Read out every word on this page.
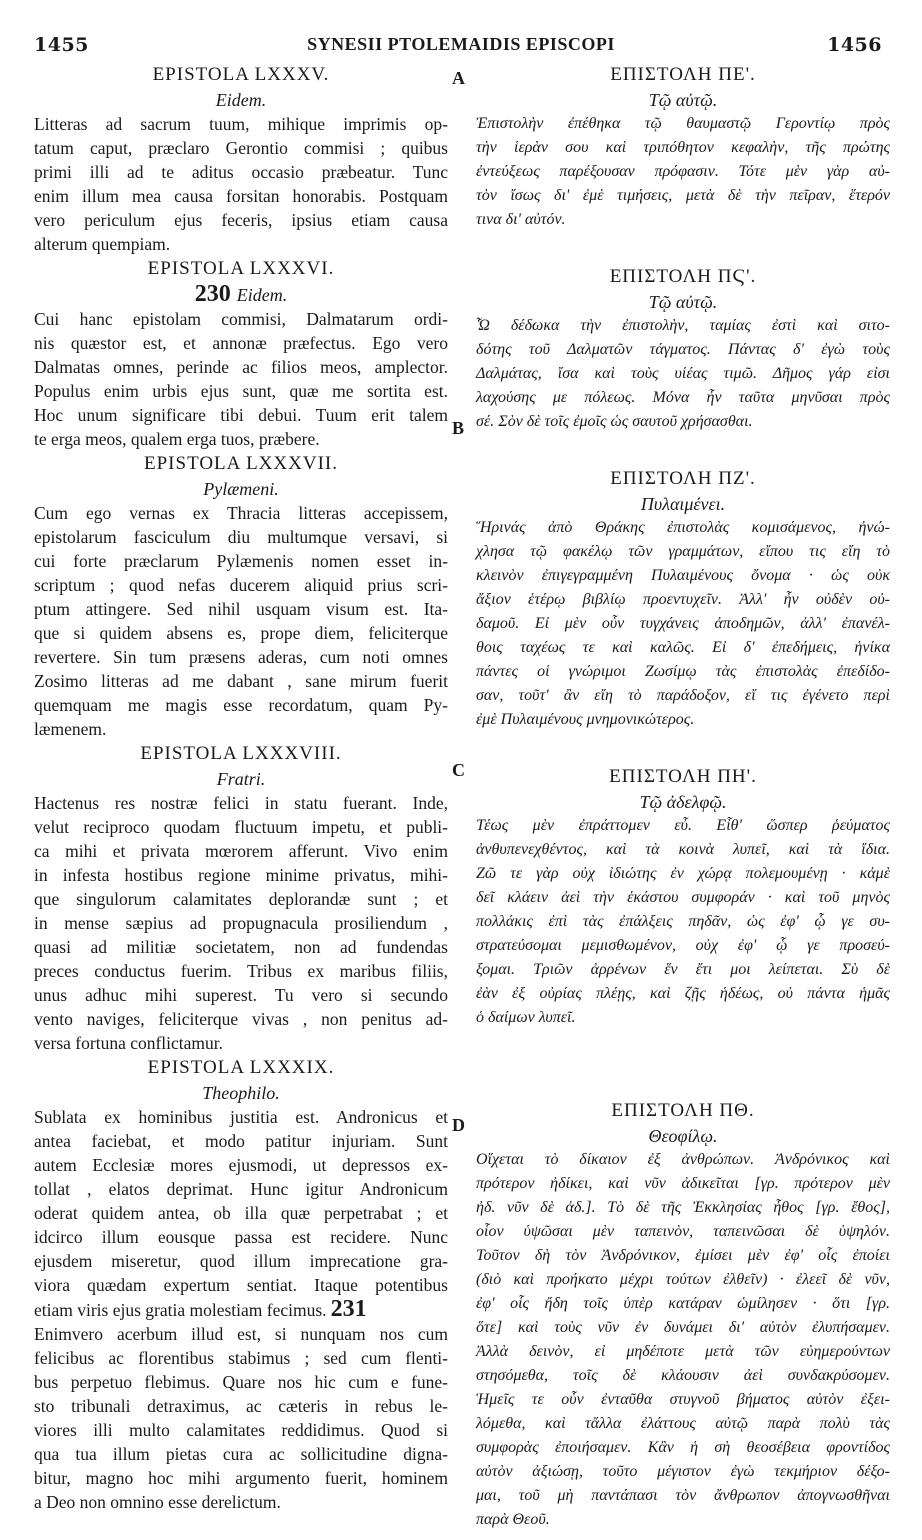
1455	SYNESII PTOLEMAIDIS EPISCOPI	1456
A
B
C
D
EPISTOLA LXXXV.
Eidem.
Litteras ad sacrum tuum, mihique imprimis op-
tatum caput, præclaro Gerontio commisi ; quibus
primi illi ad te aditus occasio præbeatur. Tunc
enim illum mea causa forsitan honorabis. Postquam
vero periculum ejus feceris, ipsius etiam causa
alterum quempiam.
EPISTOLA LXXXVI.
230 Eidem.
Cui hanc epistolam commisi, Dalmatarum ordi-
nis quæstor est, et annonæ præfectus. Ego vero
Dalmatas omnes, perinde ac filios meos, amplector.
Populus enim urbis ejus sunt, quæ me sortita est.
Hoc unum significare tibi debui. Tuum erit talem
te erga meos, qualem erga tuos, præbere.
EPISTOLA LXXXVII.
Pylæmeni.
Cum ego vernas ex Thracia litteras accepissem,
epistolarum fasciculum diu multumque versavi, si
cui forte præclarum Pylæmenis nomen esset in-
scriptum ; quod nefas ducerem aliquid prius scri-
ptum attingere. Sed nihil usquam visum est. Ita-
que si quidem absens es, prope diem, feliciterque
revertere. Sin tum præsens aderas, cum noti omnes
Zosimo litteras ad me dabant , sane mirum fuerit
quemquam me magis esse recordatum, quam Py-
læmenem.
EPISTOLA LXXXVIII.
Fratri.
Hactenus res nostræ felici in statu fuerant. Inde,
velut reciproco quodam fluctuum impetu, et publi-
ca mihi et privata mœrorem afferunt. Vivo enim
in infesta hostibus regione minime privatus, mihi-
que singulorum calamitates deplorandæ sunt ; et
in mense sæpius ad propugnacula prosiliendum ,
quasi ad militiæ societatem, non ad fundendas
preces conductus fuerim. Tribus ex maribus filiis,
unus adhuc mihi superest. Tu vero si secundo
vento naviges, feliciterque vivas , non penitus ad-
versa fortuna conflictamur.
EPISTOLA LXXXIX.
Theophilo.
Sublata ex hominibus justitia est. Andronicus et
antea faciebat, et modo patitur injuriam. Sunt
autem Ecclesiæ mores ejusmodi, ut depressos ex-
tollat , elatos deprimat. Hunc igitur Andronicum
oderat quidem antea, ob illa quæ perpetrabat ; et
idcirco illum eousque passa est recidere. Nunc
ejusdem miseretur, quod illum imprecatione gra-
viora quædam expertum sentiat. Itaque potentibus
etiam viris ejus gratia molestiam fecimus. 231
Enimvero acerbum illud est, si nunquam nos cum
felicibus ac florentibus stabimus ; sed cum flenti-
bus perpetuo flebimus. Quare nos hic cum e fune-
sto tribunali detraximus, ac cæteris in rebus le-
viores illi multo calamitates reddidimus. Quod si
qua tua illum pietas cura ac sollicitudine digna-
bitur, magno hoc mihi argumento fuerit, hominem
a Deo non omnino esse derelictum.
ΕΠΙΣΤΟΛΗ ΠΕ'.
Τῷ αὐτῷ.
Ἐπιστολὴν ἐπέθηκα τῷ θαυμαστῷ Γεροντίῳ πρὸς
τὴν ἱερὰν σου καὶ τριπόθητον κεφαλὴν, τῆς πρώτης
ἐντεύξεως παρέξουσαν πρόφασιν. Τότε μὲν γὰρ αὐ-
τὸν ἴσως δι' ἐμὲ τιμήσεις, μετὰ δὲ τὴν πεῖραν, ἕτερόν
τινα δι' αὐτόν.
ΕΠΙΣΤΟΛΗ ΠϚ'.
Τῷ αὐτῷ.
Ὧ δέδωκα τὴν ἐπιστολὴν, ταμίας ἐστὶ καὶ σιτο-
δότης τοῦ Δαλματῶν τάγματος. Πάντας δ' ἐγὼ τοὺς
Δαλμάτας, ἴσα καὶ τοὺς υἱέας τιμῶ. Δῆμος γάρ εἰσι
λαχούσης με πόλεως. Μόνα ἦν ταῦτα μηνῦσαι πρὸς
σέ. Σὸν δὲ τοῖς ἐμοῖς ὡς σαυτοῦ χρήσασθαι.
ΕΠΙΣΤΟΛΗ ΠΖ'.
Πυλαιμένει.
Ἥρινάς ἀπὸ Θράκης ἐπιστολὰς κομισάμενος, ἠνώ-
χλησα τῷ φακέλῳ τῶν γραμμάτων, εἴπου τις εἴη τὸ
κλεινὸν ἐπιγεγραμμένη Πυλαιμένους ὄνομα · ὡς οὐκ
ἄξιον ἑτέρῳ βιβλίῳ προεντυχεῖν. Ἀλλ' ἦν οὐδὲν οὐ-
δαμοῦ. Εἰ μὲν οὖν τυγχάνεις ἀποδημῶν, ἀλλ' ἐπανέλ-
θοις ταχέως τε καὶ καλῶς. Εἰ δ' ἐπεδήμεις, ἡνίκα
πάντες οἱ γνώριμοι Ζωσίμῳ τὰς ἐπιστολὰς ἐπεδίδο-
σαν, τοῦτ' ἂν εἴη τὸ παράδοξον, εἴ τις ἐγένετο περὶ
ἐμὲ Πυλαιμένους μνημονικώτερος.
ΕΠΙΣΤΟΛΗ ΠΗ'.
Τῷ ἀδελφῷ.
Τέως μὲν ἐπράττομεν εὖ. Εἶθ' ὥσπερ ῥεύματος
ἀνθυπενεχθέντος, καὶ τὰ κοινὰ λυπεῖ, καὶ τὰ ἴδια.
Ζῶ τε γὰρ οὐχ ἰδιώτης ἐν χώρᾳ πολεμουμένῃ · κἀμὲ
δεῖ κλάειν ἀεὶ τὴν ἑκάστου συμφοράν · καὶ τοῦ μηνὸς
πολλάκις ἐπὶ τὰς ἐπάλξεις πηδᾶν, ὡς ἐφ' ᾧ γε συ-
στρατεύσομαι μεμισθωμένον, οὐχ ἐφ' ᾧ γε προσεύ-
ξομαι. Τριῶν ἀρρένων ἕν ἔτι μοι λείπεται. Σὺ δὲ
ἐὰν ἐξ οὐρίας πλέῃς, καὶ ζῇς ἡδέως, οὐ πάντα ἡμᾶς
ὁ δαίμων λυπεῖ.
ΕΠΙΣΤΟΛΗ ΠΘ.
Θεοφίλῳ.
Οἴχεται τὸ δίκαιον ἐξ ἀνθρώπων. Ἀνδρόνικος καὶ
πρότερον ἠδίκει, καὶ νῦν ἀδικεῖται [γρ. πρότερον μὲν
ἠδ. νῦν δὲ ἀδ.]. Τὸ δὲ τῆς Ἐκκλησίας ἦθος [γρ. ἔθος],
οἷον ὑψῶσαι μὲν ταπεινὸν, ταπεινῶσαι δὲ ὑψηλόν.
Τοῦτον δὴ τὸν Ἀνδρόνικον, ἐμίσει μὲν ἐφ' οἷς ἐποίει
(διὸ καὶ προήκατο μέχρι τούτων ἐλθεῖν) · ἐλεεῖ δὲ νῦν,
ἐφ' οἷς ἤδη τοῖς ὑπὲρ κατάραν ὡμίλησεν · ὅτι [γρ.
ὅτε] καὶ τοὺς νῦν ἐν δυνάμει δι' αὐτὸν ἐλυπήσαμεν.
Ἀλλὰ δεινὸν, εἰ μηδέποτε μετὰ τῶν εὐημερούντων
στησόμεθα, τοῖς δὲ κλάουσιν ἀεὶ συνδακρύσομεν.
Ἡμεῖς τε οὖν ἐνταῦθα στυγνοῦ βήματος αὐτὸν ἐξει-
λόμεθα, καὶ τἄλλα ἐλάττους αὐτῷ παρὰ πολὺ τὰς
συμφορὰς ἐποιήσαμεν. Κἂν ἡ σὴ θεοσέβεια φροντίδος
αὐτὸν ἀξιώσῃ, τοῦτο μέγιστον ἐγὼ τεκμήριον δέξο-
μαι, τοῦ μὴ παντάπασι τὸν ἄνθρωπον ἀπογνωσθῆναι
παρὰ Θεοῦ.
